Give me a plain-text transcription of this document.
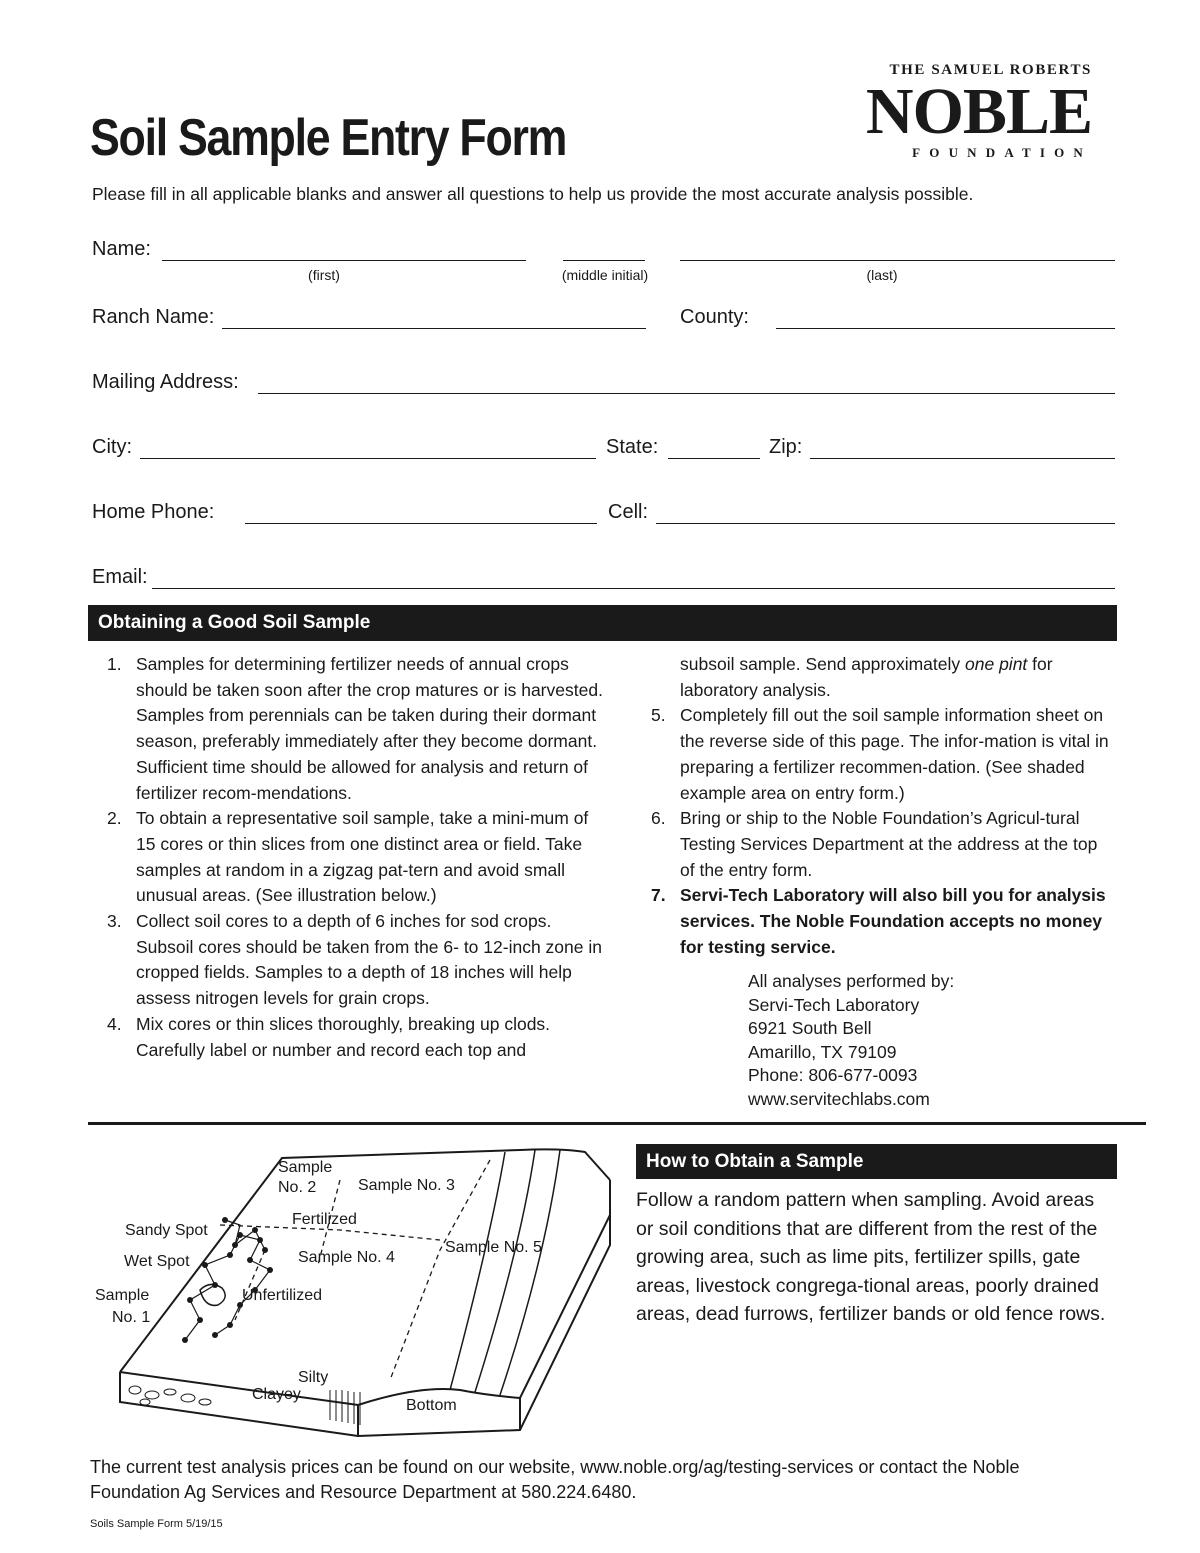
THE SAMUEL ROBERTS
NOBLE
FOUNDATION
Soil Sample Entry Form
Please fill in all applicable blanks and answer all questions to help us provide the most accurate analysis possible.
Name:
(first)	(middle initial)	(last)
Ranch Name:	County:
Mailing Address:
City:	State:	Zip:
Home Phone:	Cell:
Email:
Obtaining a Good Soil Sample
1. Samples for determining fertilizer needs of annual crops should be taken soon after the crop matures or is harvested. Samples from perennials can be taken during their dormant season, preferably immediately after they become dormant. Sufficient time should be allowed for analysis and return of fertilizer recom-mendations.
2. To obtain a representative soil sample, take a mini-mum of 15 cores or thin slices from one distinct area or field. Take samples at random in a zigzag pat-tern and avoid small unusual areas. (See illustration below.)
3. Collect soil cores to a depth of 6 inches for sod crops. Subsoil cores should be taken from the 6- to 12-inch zone in cropped fields. Samples to a depth of 18 inches will help assess nitrogen levels for grain crops.
4. Mix cores or thin slices thoroughly, breaking up clods. Carefully label or number and record each top and
subsoil sample. Send approximately one pint for laboratory analysis.
5. Completely fill out the soil sample information sheet on the reverse side of this page. The infor-mation is vital in preparing a fertilizer recommen-dation. (See shaded example area on entry form.)
6. Bring or ship to the Noble Foundation’s Agricul-tural Testing Services Department at the address at the top of the entry form.
7. Servi-Tech Laboratory will also bill you for analysis services. The Noble Foundation accepts no money for testing service.
All analyses performed by:
Servi-Tech Laboratory
6921 South Bell
Amarillo, TX 79109
Phone: 806-677-0093
www.servitechlabs.com
Sample
No. 2	Sample No. 3
Fertilized
Sandy Spot
Wet Spot	Sample No. 4
Sample No. 5
Sample
No. 1
Unfertilized
Silty
Clayey
Bottom
How to Obtain a Sample
Follow a random pattern when sampling. Avoid areas or soil conditions that are different from the rest of the growing area, such as lime pits, fertilizer spills, gate areas, livestock congrega-tional areas, poorly drained areas, dead furrows, fertilizer bands or old fence rows.
The current test analysis prices can be found on our website, www.noble.org/ag/testing-services or contact the Noble Foundation Ag Services and Resource Department at 580.224.6480.
Soils Sample Form 5/19/15
